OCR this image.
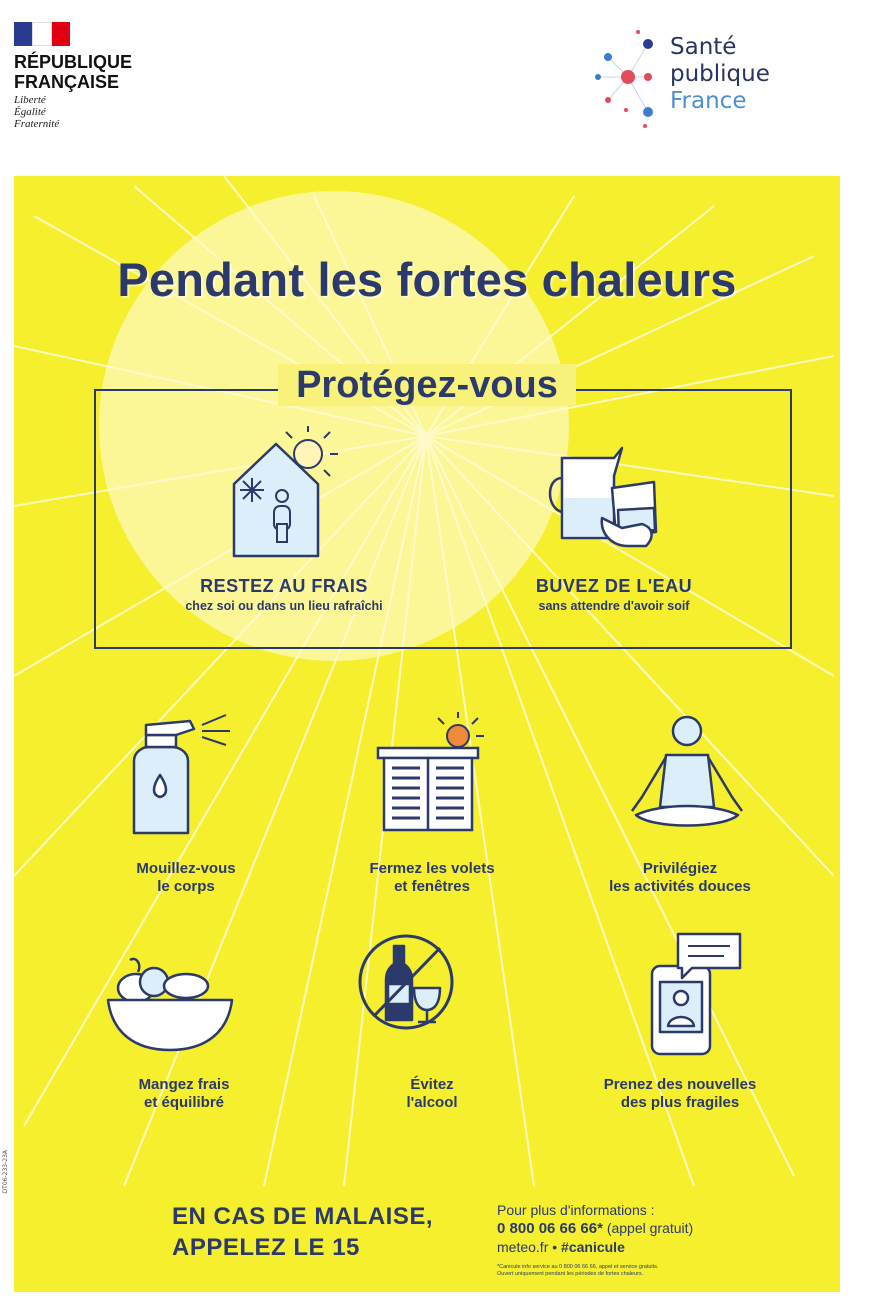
RÉPUBLIQUE
FRANÇAISE
Liberté
Égalité
Fraternité
Santé
publique
France
Pendant les fortes chaleurs
Protégez-vous
RESTEZ AU FRAIS
chez soi ou dans un lieu rafraîchi
BUVEZ DE L'EAU
sans attendre d'avoir soif
Mouillez-vous
le corps
Fermez les volets
et fenêtres
Privilégiez
les activités douces
Mangez frais
et équilibré
Évitez
l'alcool
Prenez des nouvelles
des plus fragiles
EN CAS DE MALAISE,
APPELEZ LE 15
Pour plus d'informations :
0 800 06 66 66* (appel gratuit)
meteo.fr • #canicule
*Canicule info service au 0 800 06 66 66, appel et service gratuits.
Ouvert uniquement pendant les périodes de fortes chaleurs.
DT06-233-23A
